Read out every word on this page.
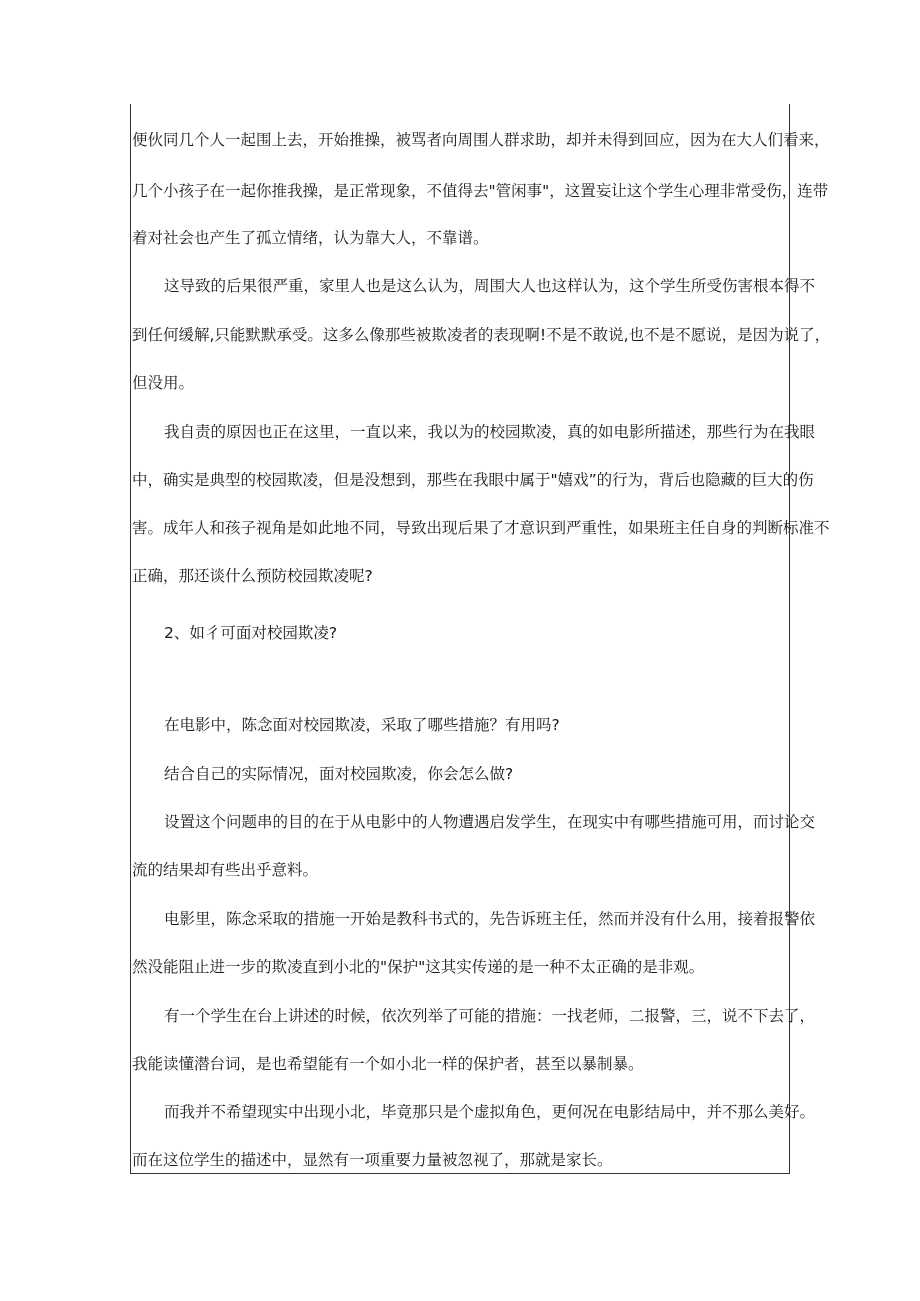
便伙同几个人一起围上去，开始推操，被骂者向周围人群求助，却并未得到回应，因为在大人们看来，
几个小孩子在一起你推我操，是正常现象，不值得去"管闲事"，这置妄让这个学生心理非常受伤，连带
着对社会也产生了孤立情绪，认为靠大人，不靠谱。
这导致的后果很严重，家里人也是这么认为，周围大人也这样认为，这个学生所受伤害根本得不
到任何缓解,只能默默承受。这多么像那些被欺凌者的表现啊!不是不敢说,也不是不愿说，是因为说了，
但没用。
我自责的原因也正在这里，一直以来，我以为的校园欺凌，真的如电影所描述，那些行为在我眼
中，确实是典型的校园欺凌，但是没想到，那些在我眼中属于"嬉戏”的行为，背后也隐藏的巨大的伤
害。成年人和孩子视角是如此地不同，导致出现后果了才意识到严重性，如果班主任自身的判断标准不
正确，那还谈什么预防校园欺凌呢?
2、如彳可面对校园欺凌?
在电影中，陈念面对校园欺凌，采取了哪些措施？有用吗?
结合自己的实际情况，面对校园欺凌，你会怎么做?
设置这个问题串的目的在于从电影中的人物遭遇启发学生，在现实中有哪些措施可用，而讨论交
流的结果却有些出乎意料。
电影里，陈念采取的措施一开始是教科书式的，先告诉班主任，然而并没有什么用，接着报警依
然没能阻止进一步的欺凌直到小北的"保护"这其实传递的是一种不太正确的是非观。
有一个学生在台上讲述的时候，依次列举了可能的措施：一找老师，二报警，三，说不下去了，
我能读懂潜台词，是也希望能有一个如小北一样的保护者，甚至以暴制暴。
而我并不希望现实中出现小北，毕竟那只是个虚拟角色，更何况在电影结局中，并不那么美好。
而在这位学生的描述中，显然有一项重要力量被忽视了，那就是家长。
